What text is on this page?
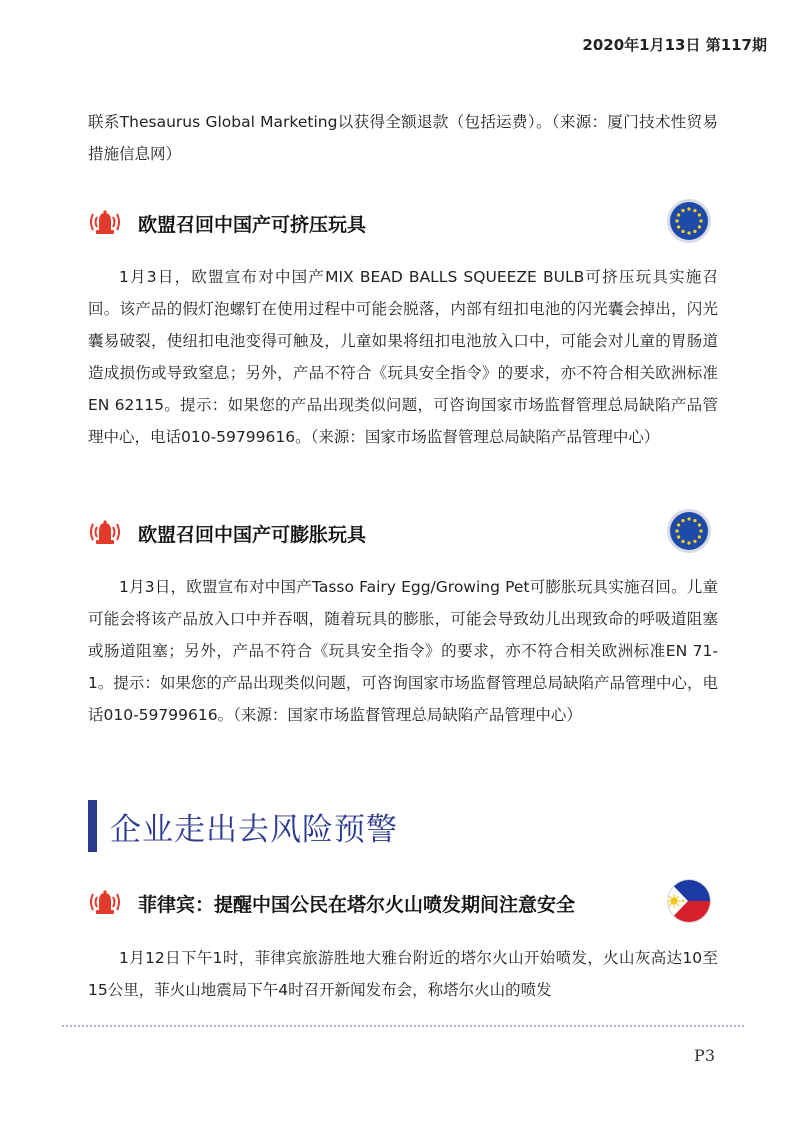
2020年1月13日 第117期

联系Thesaurus Global Marketing以获得全额退款（包括运费）。（来源：厦门技术性贸易措施信息网）

欧盟召回中国产可挤压玩具

1月3日，欧盟宣布对中国产MIX BEAD BALLS SQUEEZE BULB可挤压玩具实施召回。该产品的假灯泡螺钉在使用过程中可能会脱落，内部有纽扣电池的闪光囊会掉出，闪光囊易破裂，使纽扣电池变得可触及，儿童如果将纽扣电池放入口中，可能会对儿童的胃肠道造成损伤或导致窒息；另外，产品不符合《玩具安全指令》的要求，亦不符合相关欧洲标准EN 62115。提示：如果您的产品出现类似问题，可咨询国家市场监督管理总局缺陷产品管理中心，电话010-59799616。（来源：国家市场监督管理总局缺陷产品管理中心）

欧盟召回中国产可膨胀玩具

1月3日，欧盟宣布对中国产Tasso Fairy Egg/Growing Pet可膨胀玩具实施召回。儿童可能会将该产品放入口中并吞咽，随着玩具的膨胀，可能会导致幼儿出现致命的呼吸道阻塞或肠道阻塞；另外，产品不符合《玩具安全指令》的要求，亦不符合相关欧洲标准EN 71-1。提示：如果您的产品出现类似问题，可咨询国家市场监督管理总局缺陷产品管理中心，电话010-59799616。（来源：国家市场监督管理总局缺陷产品管理中心）

企业走出去风险预警
菲律宾：提醒中国公民在塔尔火山喷发期间注意安全

1月12日下午1时，菲律宾旅游胜地大雅台附近的塔尔火山开始喷发，火山灰高达10至15公里，菲火山地震局下午4时召开新闻发布会，称塔尔火山的喷发

P3
